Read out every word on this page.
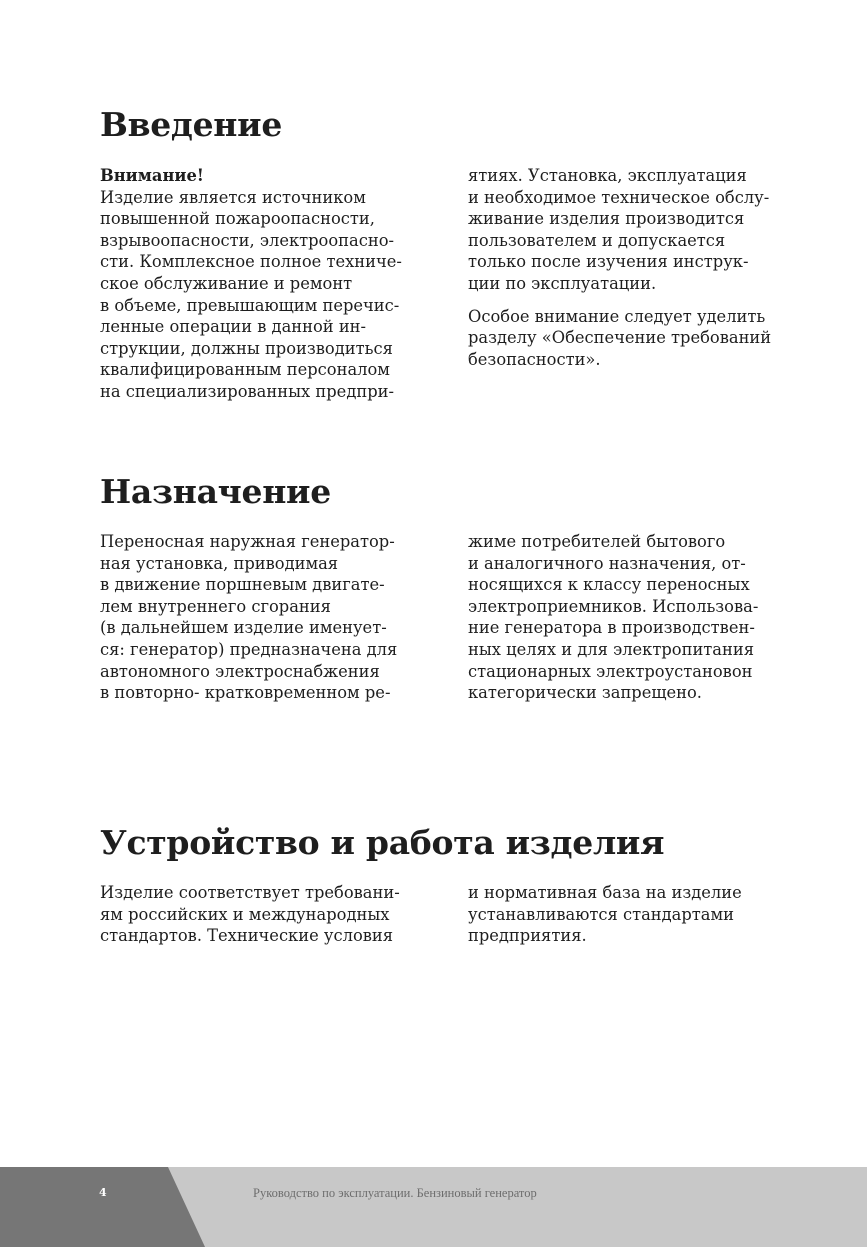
Введение
Внимание!
Изделие является источником
повышенной пожароопасности,
взрывоопасности, электроопасно-
сти. Комплексное полное техниче-
ское обслуживание и ремонт
в объеме, превышающим перечис-
ленные операции в данной ин-
струкции, должны производиться
квалифицированным персоналом
на специализированных предпри-
ятиях. Установка, эксплуатация
и необходимое техническое обслу-
живание изделия производится
пользователем и допускается
только после изучения инструк-
ции по эксплуатации.
Особое внимание следует уделить
разделу «Обеспечение требований
безопасности».
Назначение
Переносная наружная генератор-
ная установка, приводимая
в движение поршневым двигате-
лем внутреннего сгорания
(в дальнейшем изделие именует-
ся: генератор) предназначена для
автономного электроснабжения
в повторно- кратковременном ре-
жиме потребителей бытового
и аналогичного назначения, от-
носящихся к классу переносных
электроприемников. Использова-
ние генератора в производствен-
ных целях и для электропитания
стационарных электроустановон
категорически запрещено.
Устройство и работа изделия
Изделие соответствует требовани-
ям российских и международных
стандартов. Технические условия
и нормативная база на изделие
устанавливаются стандартами
предприятия.
4	Руководство по эксплуатации. Бензиновый генератор
